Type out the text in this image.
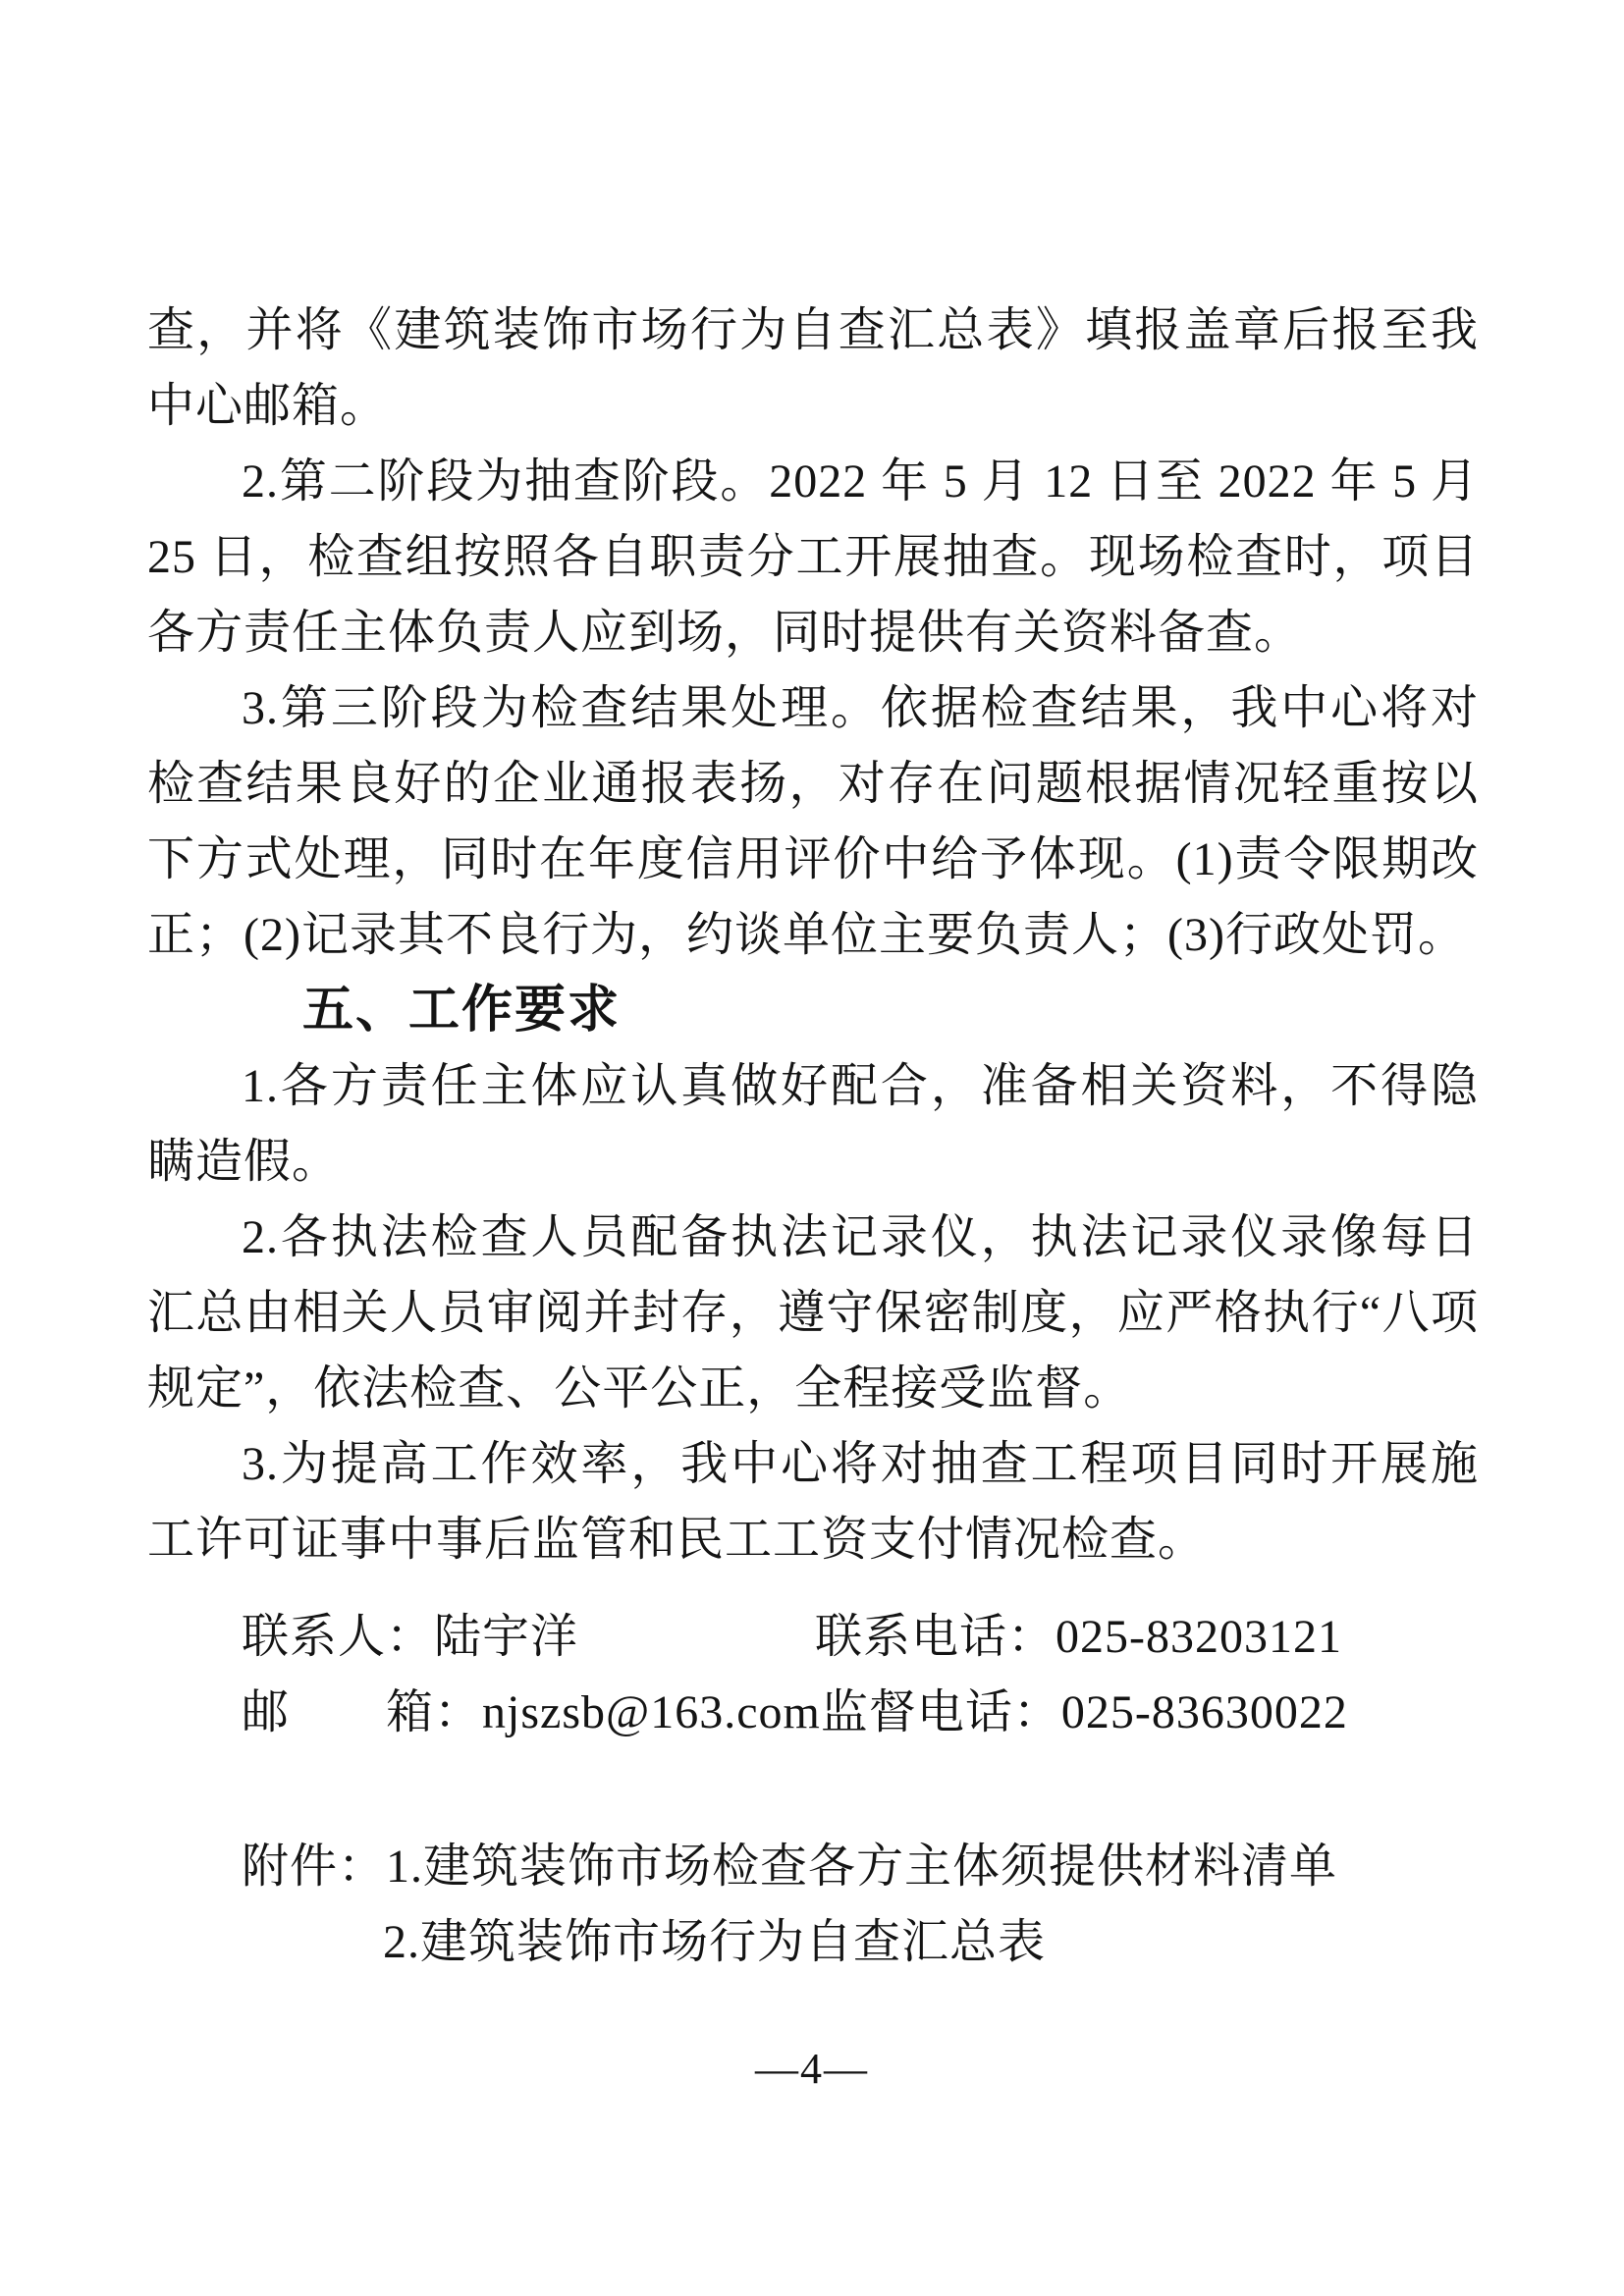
查，并将《建筑装饰市场行为自查汇总表》填报盖章后报至我中心邮箱。

2.第二阶段为抽查阶段。2022 年 5 月 12 日至 2022 年 5 月 25 日，检查组按照各自职责分工开展抽查。现场检查时，项目各方责任主体负责人应到场，同时提供有关资料备查。

3.第三阶段为检查结果处理。依据检查结果，我中心将对检查结果良好的企业通报表扬，对存在问题根据情况轻重按以下方式处理，同时在年度信用评价中给予体现。(1)责令限期改正；(2)记录其不良行为，约谈单位主要负责人；(3)行政处罚。

五、工作要求

1.各方责任主体应认真做好配合，准备相关资料，不得隐瞒造假。

2.各执法检查人员配备执法记录仪，执法记录仪录像每日汇总由相关人员审阅并封存，遵守保密制度，应严格执行“八项规定”，依法检查、公平公正，全程接受监督。

3.为提高工作效率，我中心将对抽查工程项目同时开展施工许可证事中事后监管和民工工资支付情况检查。

联系人：陆宇洋	联系电话：025-83203121
邮　　箱：njszsb@163.com 监督电话：025-83630022
附件：1.建筑装饰市场检查各方主体须提供材料清单
2.建筑装饰市场行为自查汇总表
—4—
